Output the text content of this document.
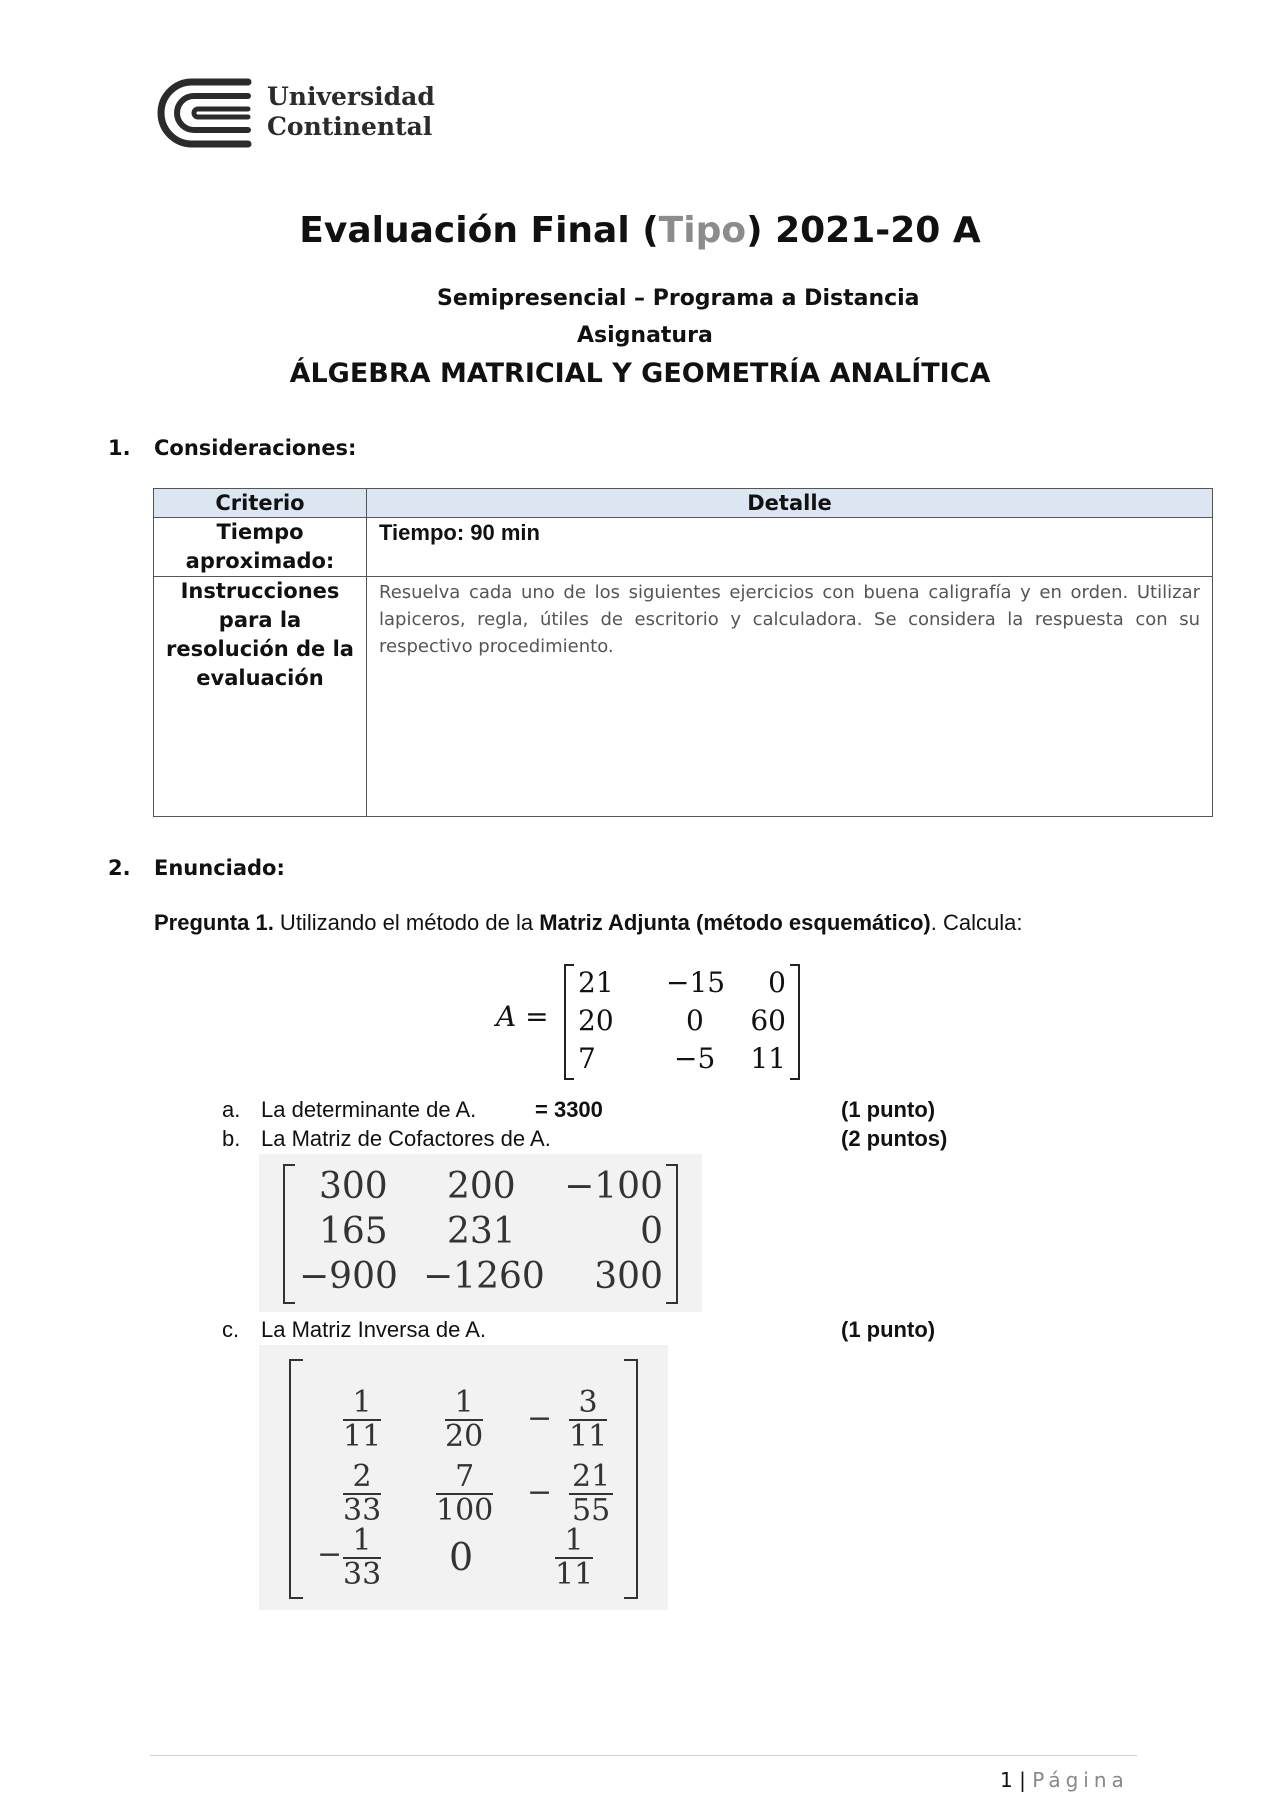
Universidad
Continental
Evaluación Final (Tipo) 2021-20 A
Semipresencial – Programa a Distancia
Asignatura
ÁLGEBRA MATRICIAL Y GEOMETRÍA ANALÍTICA
1. Consideraciones:
Criterio	Detalle

Tiempo aproximado:	Tiempo: 90 min

Instrucciones para la resolución de la evaluación	Resuelva cada uno de los siguientes ejercicios con buena caligrafía y en orden. Utilizar lapiceros, regla, útiles de escritorio y calculadora. Se considera la respuesta con su respectivo procedimiento.
2. Enunciado:
Pregunta 1. Utilizando el método de la Matriz Adjunta (método esquemático). Calcula:
A =
21 −15 0
20	0 60
7	−5 11
a. La determinante de A.	= 3300	(1 punto)
b. La Matriz de Cofactores de A.	(2 puntos)
300 200 −100
165 231	0
−900 −1260 300
c. La Matriz Inversa de A.	(1 punto)
$\frac{1}{11} \frac{1}{20} - \frac{3}{11}$
$\frac{2}{33} \frac{7}{100} - \frac{21}{55}$
− $\frac{1}{33} 0$	$\frac{1}{11}$
1 | Página
